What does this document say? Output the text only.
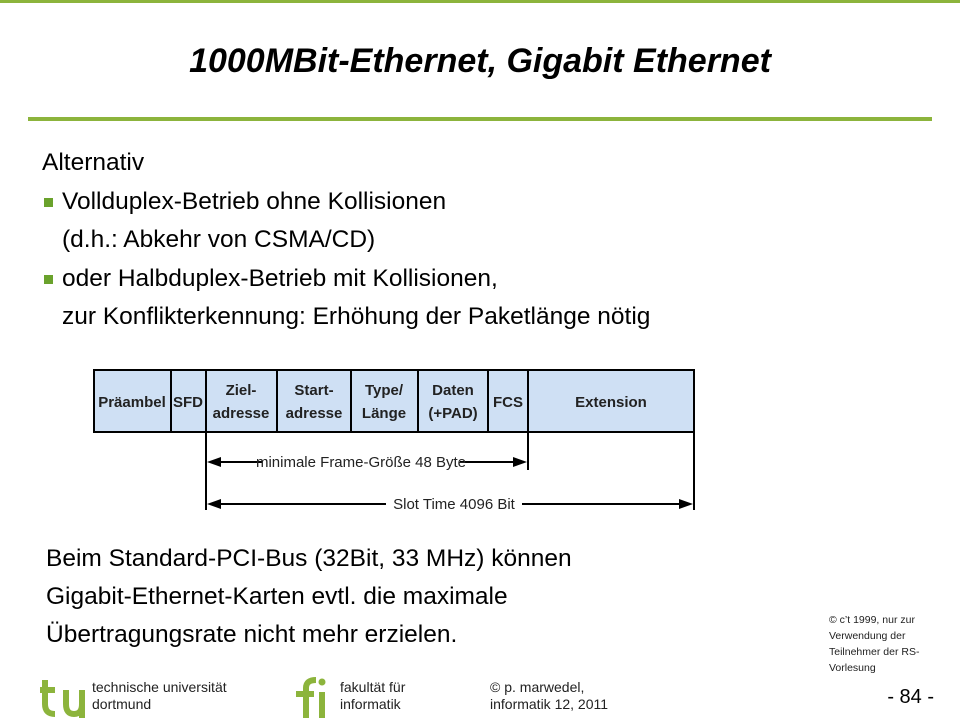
1000MBit-Ethernet, Gigabit Ethernet
Alternativ
Vollduplex-Betrieb ohne Kollisionen
(d.h.: Abkehr von CSMA/CD)
oder Halbduplex-Betrieb mit Kollisionen,
zur Konflikterkennung: Erhöhung der Paketlänge nötig
Präambel SFD
Ziel-
adresse
Start-
adresse
Type/
Länge
Daten
(+PAD)
FCS	Extension
minimale Frame-Größe 48 Byte
Slot Time 4096 Bit
Beim Standard-PCI-Bus (32Bit, 33 MHz) können
Gigabit-Ethernet-Karten evtl. die maximale
Übertragungsrate nicht mehr erzielen.
© c’t 1999, nur zur
Verwendung der
Teilnehmer der RS-
Vorlesung
technische universität
dortmund
fakultät für
informatik
© p. marwedel,
informatik 12, 2011	- 84 -
